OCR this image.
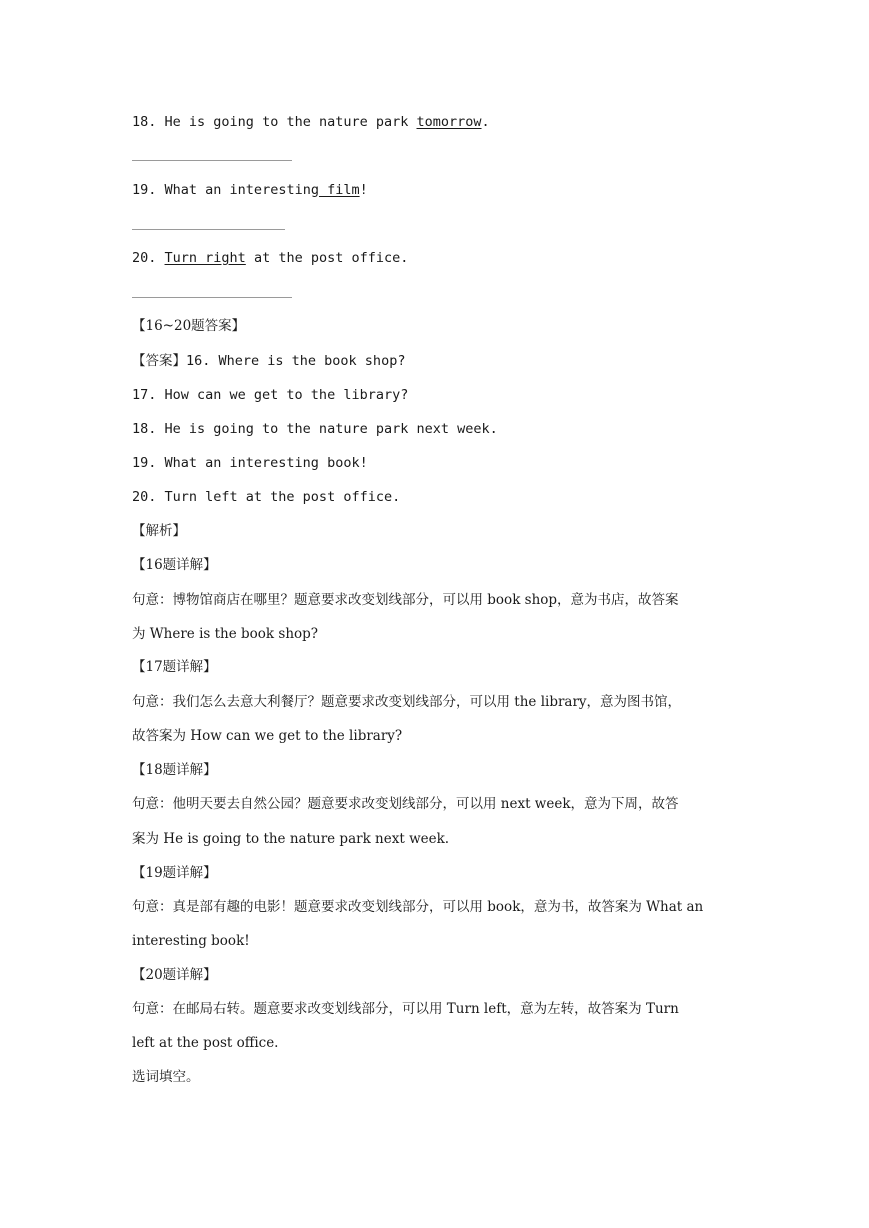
18. He is going to the nature park tomorrow.
19. What an interesting film!
20. Turn right at the post office.
【16~20题答案】
【答案】16. Where is the book shop?
17. How can we get to the library?
18. He is going to the nature park next week.
19. What an interesting book!
20. Turn left at the post office.
【解析】
【16题详解】
句意：博物馆商店在哪里？题意要求改变划线部分，可以用 book shop，意为书店，故答案
为 Where is the book shop?
【17题详解】
句意：我们怎么去意大利餐厅？题意要求改变划线部分，可以用 the library，意为图书馆，
故答案为 How can we get to the library?
【18题详解】
句意：他明天要去自然公园？题意要求改变划线部分，可以用 next week，意为下周，故答
案为 He is going to the nature park next week.
【19题详解】
句意：真是部有趣的电影！题意要求改变划线部分，可以用 book，意为书，故答案为 What an
interesting book!
【20题详解】
句意：在邮局右转。题意要求改变划线部分，可以用 Turn left，意为左转，故答案为 Turn
left at the post office.
选词填空。
